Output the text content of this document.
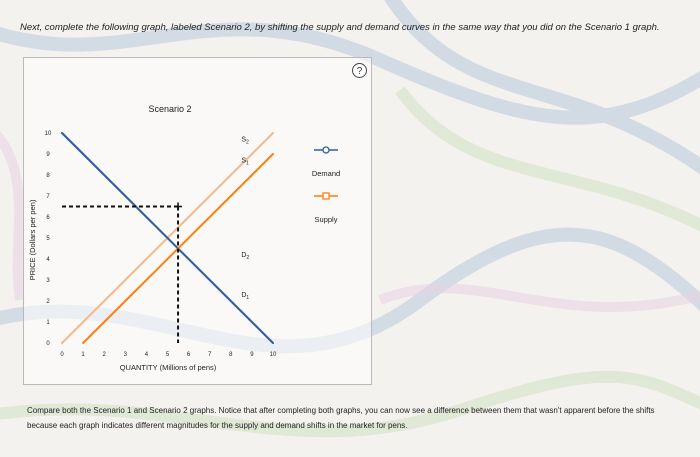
Next, complete the following graph, labeled Scenario 2, by shifting the supply and demand curves in the same way that you did on the Scenario 1 graph.
?
Scenario 2
PRICE (Dollars per pen)
QUANTITY (Millions of pens)
0	1	2	3	4	5	6	7	8	9	10
0
1
2
3
4
5
6
7
8
9
10
$S_2$
$S_1$
$D_2$
$D_1$
Demand
Supply
Compare both the Scenario 1 and Scenario 2 graphs. Notice that after completing both graphs, you can now see a difference between them that wasn't apparent before the shifts because each graph indicates different magnitudes for the supply and demand shifts in the market for pens.
